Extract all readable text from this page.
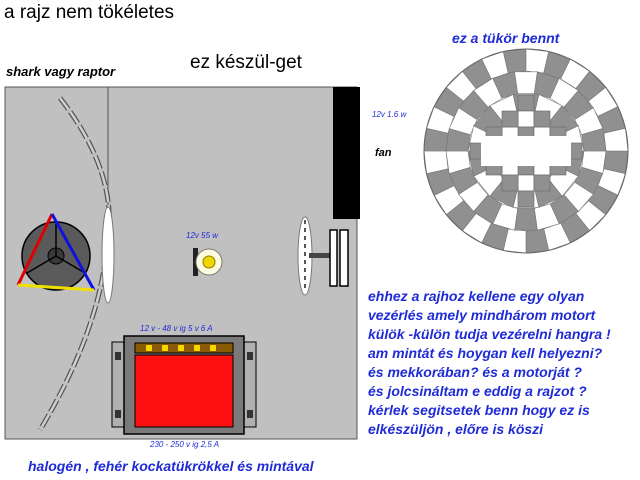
a rajz nem tökéletes
shark vagy raptor	ez készül-get
ez a tükör bennt
fan
12v 1.6 w
12v 55 w
12 v - 48 v ig 5 v 6 A
230 - 250 v ig 2,5 A
ehhez a rajhoz kellene egy olyan
vezérlés amely mindhárom motort
külök -külön tudja vezérelni hangra !
am mintát és hoygan kell helyezni?
és mekkorában? és a motorját ?
és jolcsináltam e eddig a rajzot ?
kérlek segitsetek benn hogy ez is
elkészüljön , előre is köszi
halogén , fehér kockatükrökkel és mintával
